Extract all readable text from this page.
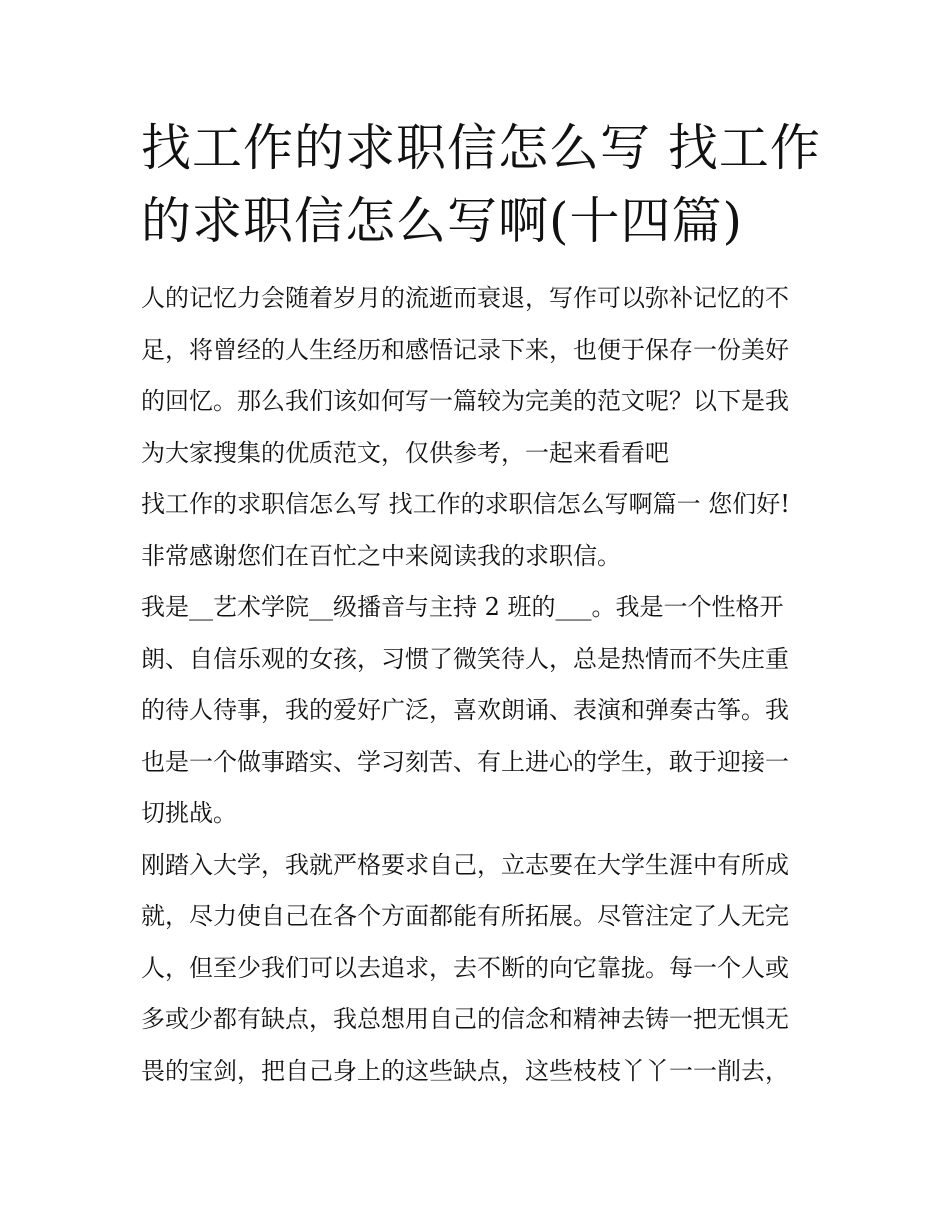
找工作的求职信怎么写 找工作
的求职信怎么写啊(十四篇)
人的记忆力会随着岁月的流逝而衰退，写作可以弥补记忆的不
足，将曾经的人生经历和感悟记录下来，也便于保存一份美好
的回忆。那么我们该如何写一篇较为完美的范文呢？以下是我
为大家搜集的优质范文，仅供参考，一起来看看吧
找工作的求职信怎么写 找工作的求职信怎么写啊篇一 您们好!
非常感谢您们在百忙之中来阅读我的求职信。
我是__艺术学院__级播音与主持 2 班的___。我是一个性格开
朗、自信乐观的女孩，习惯了微笑待人，总是热情而不失庄重
的待人待事，我的爱好广泛，喜欢朗诵、表演和弹奏古筝。我
也是一个做事踏实、学习刻苦、有上进心的学生，敢于迎接一
切挑战。
刚踏入大学，我就严格要求自己，立志要在大学生涯中有所成
就，尽力使自己在各个方面都能有所拓展。尽管注定了人无完
人，但至少我们可以去追求，去不断的向它靠拢。每一个人或
多或少都有缺点，我总想用自己的信念和精神去铸一把无惧无
畏的宝剑，把自己身上的这些缺点，这些枝枝丫丫一一削去，
